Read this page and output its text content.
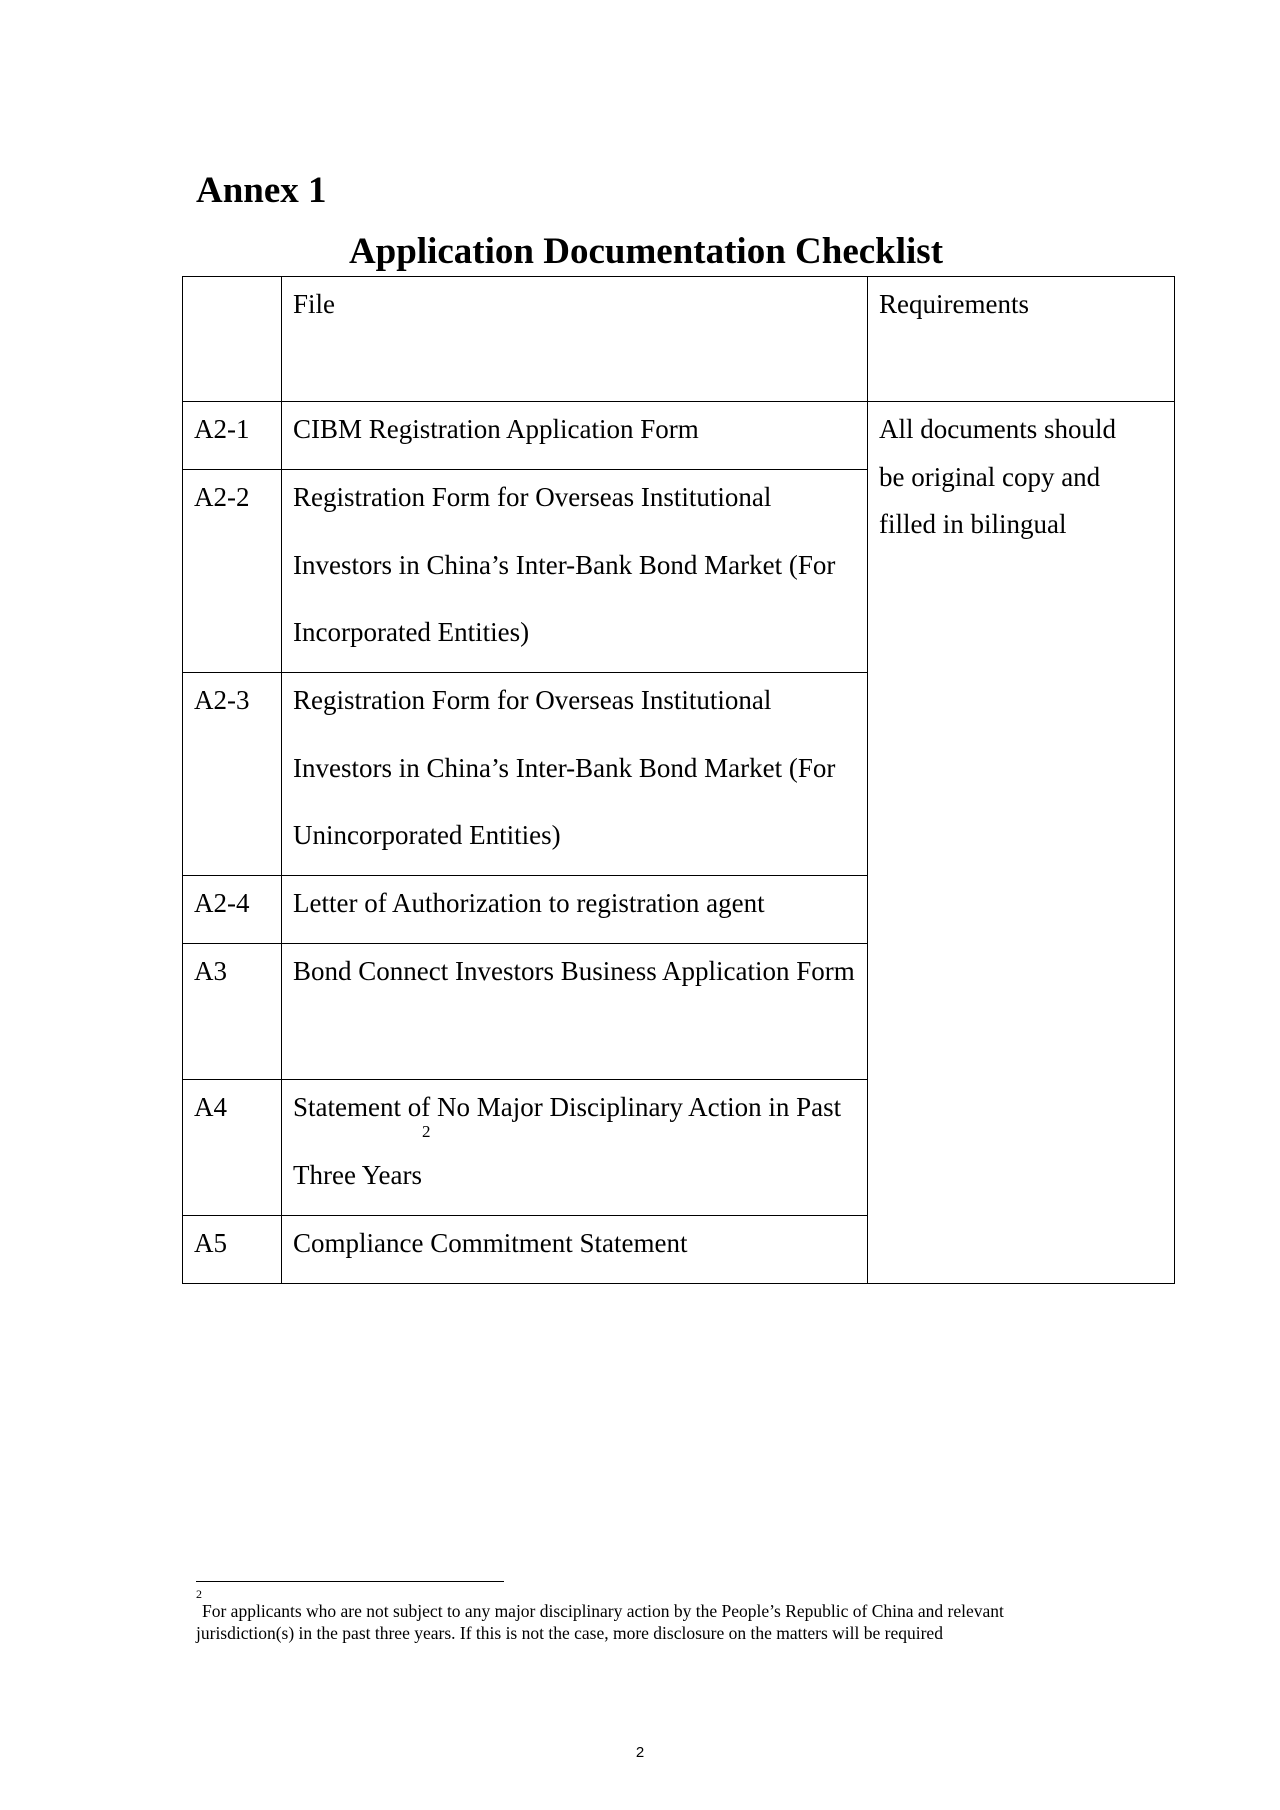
Annex 1
Application Documentation Checklist

	File	Requirements

A2-1	CIBM Registration Application Form	All documents should
be original copy and
filled in bilingual

A2-2	Registration Form for Overseas Institutional Investors in China’s Inter-Bank Bond Market (For Incorporated Entities)	

A2-3	Registration Form for Overseas Institutional Investors in China’s Inter-Bank Bond Market (For Unincorporated Entities)	

A2-4	Letter of Authorization to registration agent	

A3	Bond Connect Investors Business Application Form	

A4	Statement of No Major Disciplinary Action in Past Three Years$^2$

A5	Compliance Commitment Statement	

$^2$For applicants who are not subject to any major disciplinary action by the People’s Republic of China and relevant jurisdiction(s) in the past three years. If this is not the case, more disclosure on the matters will be required

2
